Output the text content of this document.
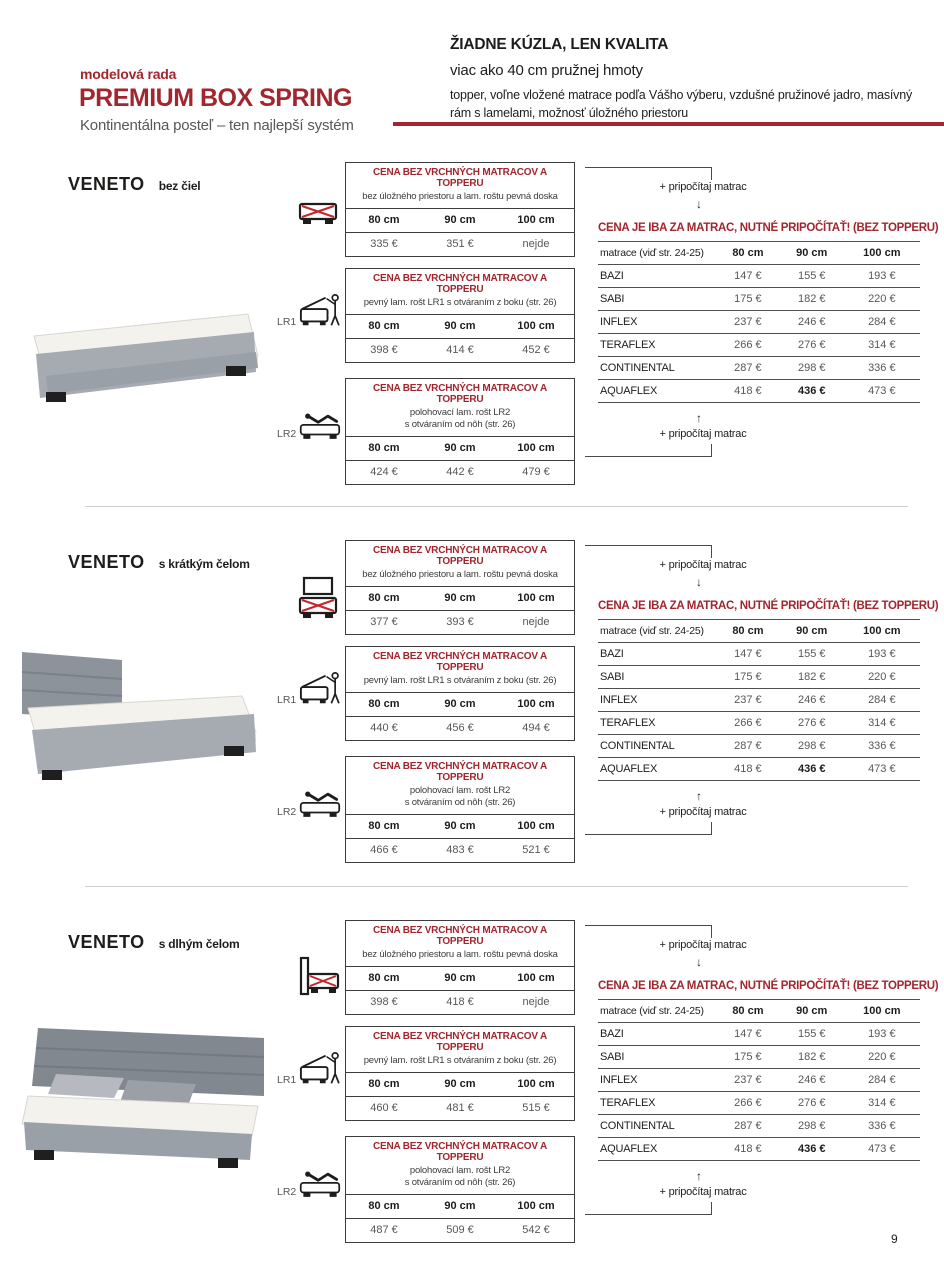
modelová rada
PREMIUM BOX SPRING
Kontinentálna posteľ – ten najlepší systém
ŽIADNE KÚZLA, LEN KVALITA
viac ako 40 cm pružnej hmoty
topper, voľne vložené matrace podľa Vášho výberu, vzdušné pružinové jadro, masívný rám s lamelami, možnosť úložného priestoru
VENETO bez čiel
CENA BEZ VRCHNÝCH MATRACOV A TOPPERU
bez úložného priestoru a lam. roštu pevná doska
80 cm	90 cm	100 cm
335 €	351 €	nejde
LR1
CENA BEZ VRCHNÝCH MATRACOV A TOPPERU
pevný lam. rošt LR1 s otváraním z boku (str. 26)
80 cm	90 cm	100 cm
398 €	414 €	452 €
LR2
CENA BEZ VRCHNÝCH MATRACOV A TOPPERU
polohovací lam. rošt LR2
s otváraním od nôh (str. 26)
80 cm	90 cm	100 cm
424 €	442 €	479 €
+ pripočítaj matrac
↓
CENA JE IBA ZA MATRAC, NUTNÉ PRIPOČÍTAŤ! (BEZ TOPPERU)
matrace (viď str. 24-25)	80 cm	90 cm	100 cm
BAZI	147 €	155 €	193 €
SABI	175 €	182 €	220 €
INFLEX	237 €	246 €	284 €
TERAFLEX	266 €	276 €	314 €
CONTINENTAL	287 €	298 €	336 €
AQUAFLEX	418 €	436 €	473 €
↑
+ pripočítaj matrac
VENETO s krátkým čelom
CENA BEZ VRCHNÝCH MATRACOV A TOPPERU
bez úložného priestoru a lam. roštu pevná doska
80 cm	90 cm	100 cm
377 €	393 €	nejde
LR1
CENA BEZ VRCHNÝCH MATRACOV A TOPPERU
pevný lam. rošt LR1 s otváraním z boku (str. 26)
80 cm	90 cm	100 cm
440 €	456 €	494 €
LR2
CENA BEZ VRCHNÝCH MATRACOV A TOPPERU
polohovací lam. rošt LR2
s otváraním od nôh (str. 26)
80 cm	90 cm	100 cm
466 €	483 €	521 €
+ pripočítaj matrac
↓
CENA JE IBA ZA MATRAC, NUTNÉ PRIPOČÍTAŤ! (BEZ TOPPERU)
matrace (viď str. 24-25)	80 cm	90 cm	100 cm
BAZI	147 €	155 €	193 €
SABI	175 €	182 €	220 €
INFLEX	237 €	246 €	284 €
TERAFLEX	266 €	276 €	314 €
CONTINENTAL	287 €	298 €	336 €
AQUAFLEX	418 €	436 €	473 €
↑
+ pripočítaj matrac
VENETO s dlhým čelom
CENA BEZ VRCHNÝCH MATRACOV A TOPPERU
bez úložného priestoru a lam. roštu pevná doska
80 cm	90 cm	100 cm
398 €	418 €	nejde
LR1
CENA BEZ VRCHNÝCH MATRACOV A TOPPERU
pevný lam. rošt LR1 s otváraním z boku (str. 26)
80 cm	90 cm	100 cm
460 €	481 €	515 €
LR2
CENA BEZ VRCHNÝCH MATRACOV A TOPPERU
polohovací lam. rošt LR2
s otváraním od nôh (str. 26)
80 cm	90 cm	100 cm
487 €	509 €	542 €
+ pripočítaj matrac
↓
CENA JE IBA ZA MATRAC, NUTNÉ PRIPOČÍTAŤ! (BEZ TOPPERU)
matrace (viď str. 24-25)	80 cm	90 cm	100 cm
BAZI	147 €	155 €	193 €
SABI	175 €	182 €	220 €
INFLEX	237 €	246 €	284 €
TERAFLEX	266 €	276 €	314 €
CONTINENTAL	287 €	298 €	336 €
AQUAFLEX	418 €	436 €	473 €
↑
+ pripočítaj matrac
9
